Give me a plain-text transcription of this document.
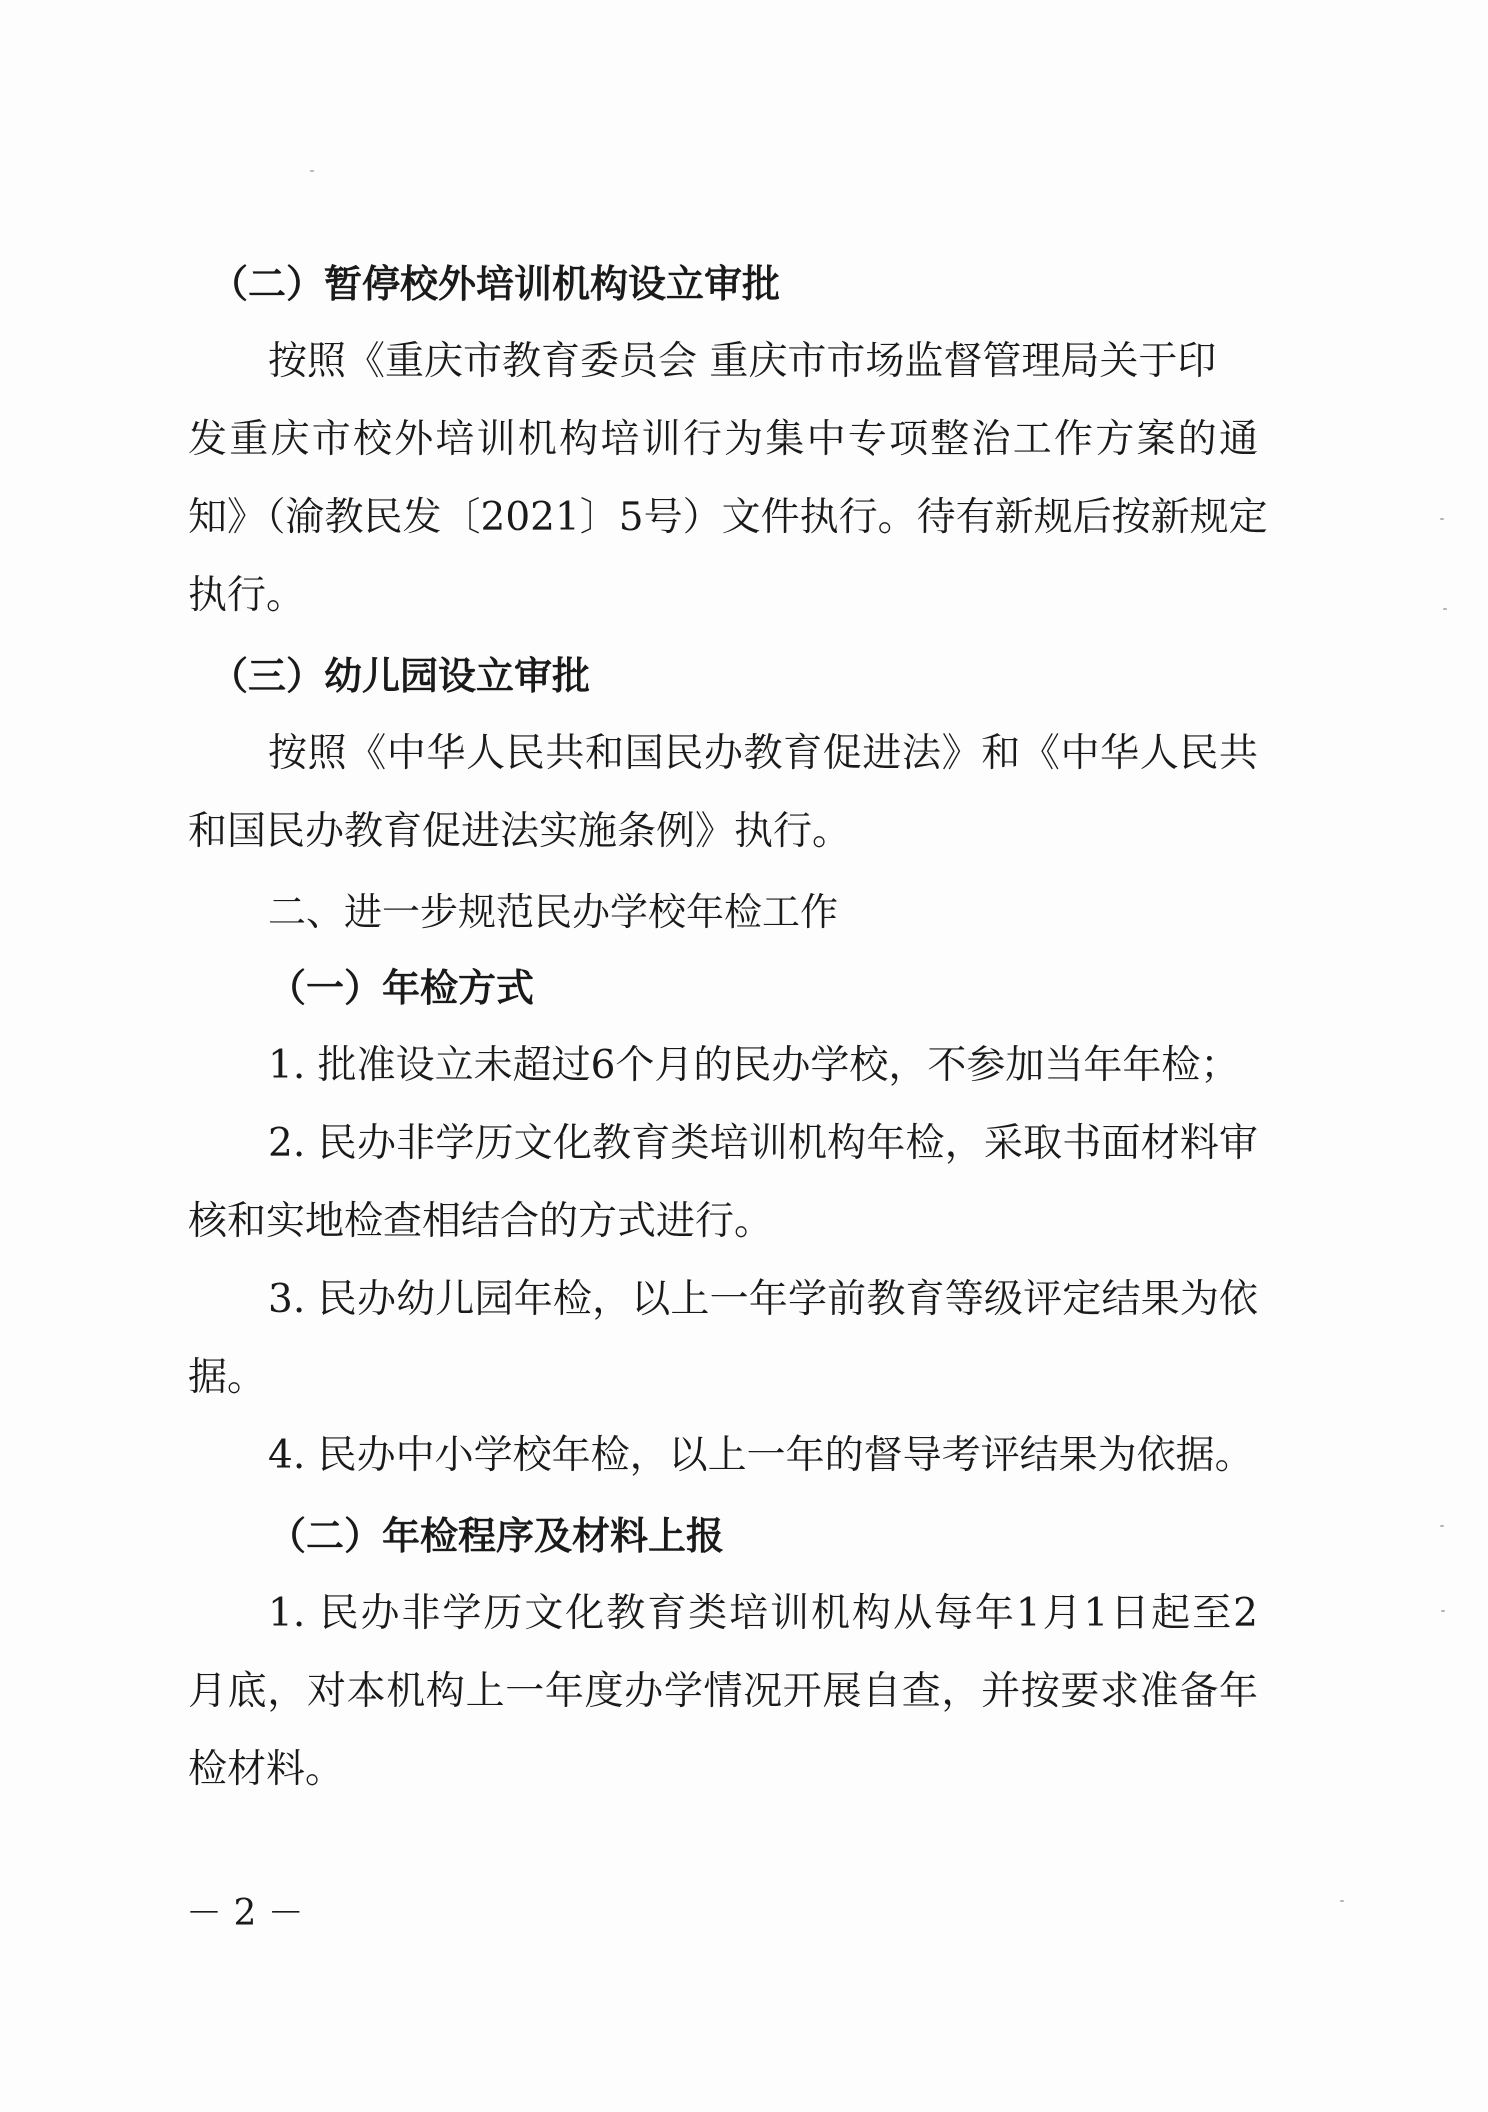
（二）暂停校外培训机构设立审批
按照《重庆市教育委员会 重庆市市场监督管理局关于印
发重庆市校外培训机构培训行为集中专项整治工作方案的通
知》（渝教民发〔2021〕5号）文件执行。待有新规后按新规定
执行。
（三）幼儿园设立审批
按照《中华人民共和国民办教育促进法》和《中华人民共
和国民办教育促进法实施条例》执行。
二、进一步规范民办学校年检工作
（一）年检方式
1. 批准设立未超过6个月的民办学校，不参加当年年检；
2. 民办非学历文化教育类培训机构年检，采取书面材料审
核和实地检查相结合的方式进行。
3. 民办幼儿园年检，以上一年学前教育等级评定结果为依
据。
4. 民办中小学校年检，以上一年的督导考评结果为依据。
（二）年检程序及材料上报
1. 民办非学历文化教育类培训机构从每年1月1日起至2
月底，对本机构上一年度办学情况开展自查，并按要求准备年
检材料。
－ 2 －
